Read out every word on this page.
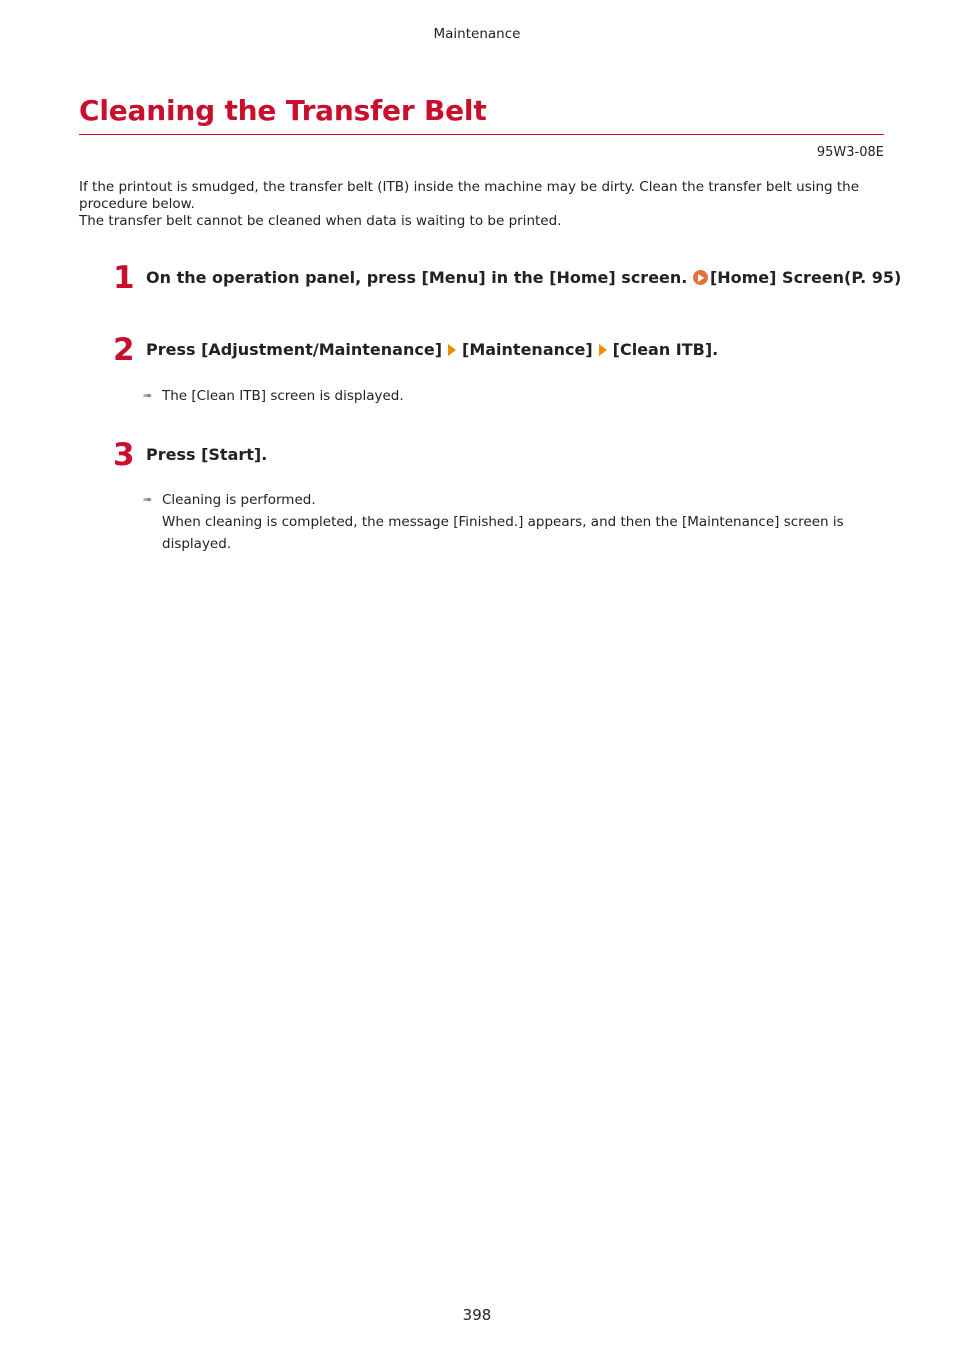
Maintenance
Cleaning the Transfer Belt
95W3-08E

If the printout is smudged, the transfer belt (ITB) inside the machine may be dirty. Clean the transfer belt using the procedure below.

The transfer belt cannot be cleaned when data is waiting to be printed.

1 On the operation panel, press [Menu] in the [Home] screen. [Home] Screen(P. 95)
2 Press [Adjustment/Maintenance] [Maintenance] [Clean ITB].
➠ The [Clean ITB] screen is displayed.
3 Press [Start].
➠ Cleaning is performed.
When cleaning is completed, the message [Finished.] appears, and then the [Maintenance] screen is displayed.
398
